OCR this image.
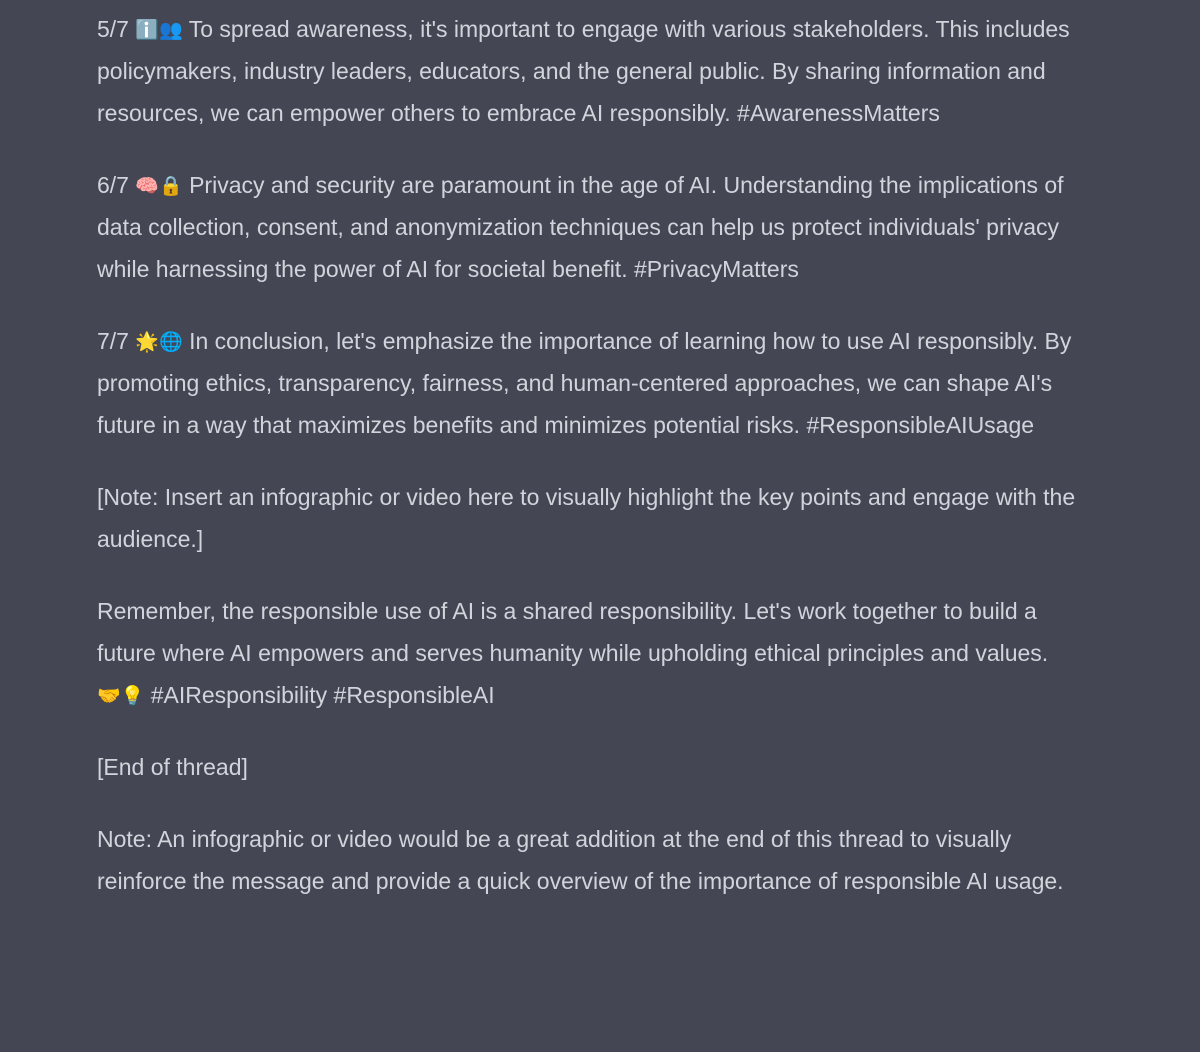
5/7 ℹ️👥 To spread awareness, it's important to engage with various stakeholders. This includes policymakers, industry leaders, educators, and the general public. By sharing information and resources, we can empower others to embrace AI responsibly. #AwarenessMatters

6/7 🧠🔒 Privacy and security are paramount in the age of AI. Understanding the implications of data collection, consent, and anonymization techniques can help us protect individuals' privacy while harnessing the power of AI for societal benefit. #PrivacyMatters

7/7 🌟🌐 In conclusion, let's emphasize the importance of learning how to use AI responsibly. By promoting ethics, transparency, fairness, and human-centered approaches, we can shape AI's future in a way that maximizes benefits and minimizes potential risks. #ResponsibleAIUsage

[Note: Insert an infographic or video here to visually highlight the key points and engage with the audience.]

Remember, the responsible use of AI is a shared responsibility. Let's work together to build a future where AI empowers and serves humanity while upholding ethical principles and values. 🤝💡 #AIResponsibility #ResponsibleAI

[End of thread]

Note: An infographic or video would be a great addition at the end of this thread to visually reinforce the message and provide a quick overview of the importance of responsible AI usage.
